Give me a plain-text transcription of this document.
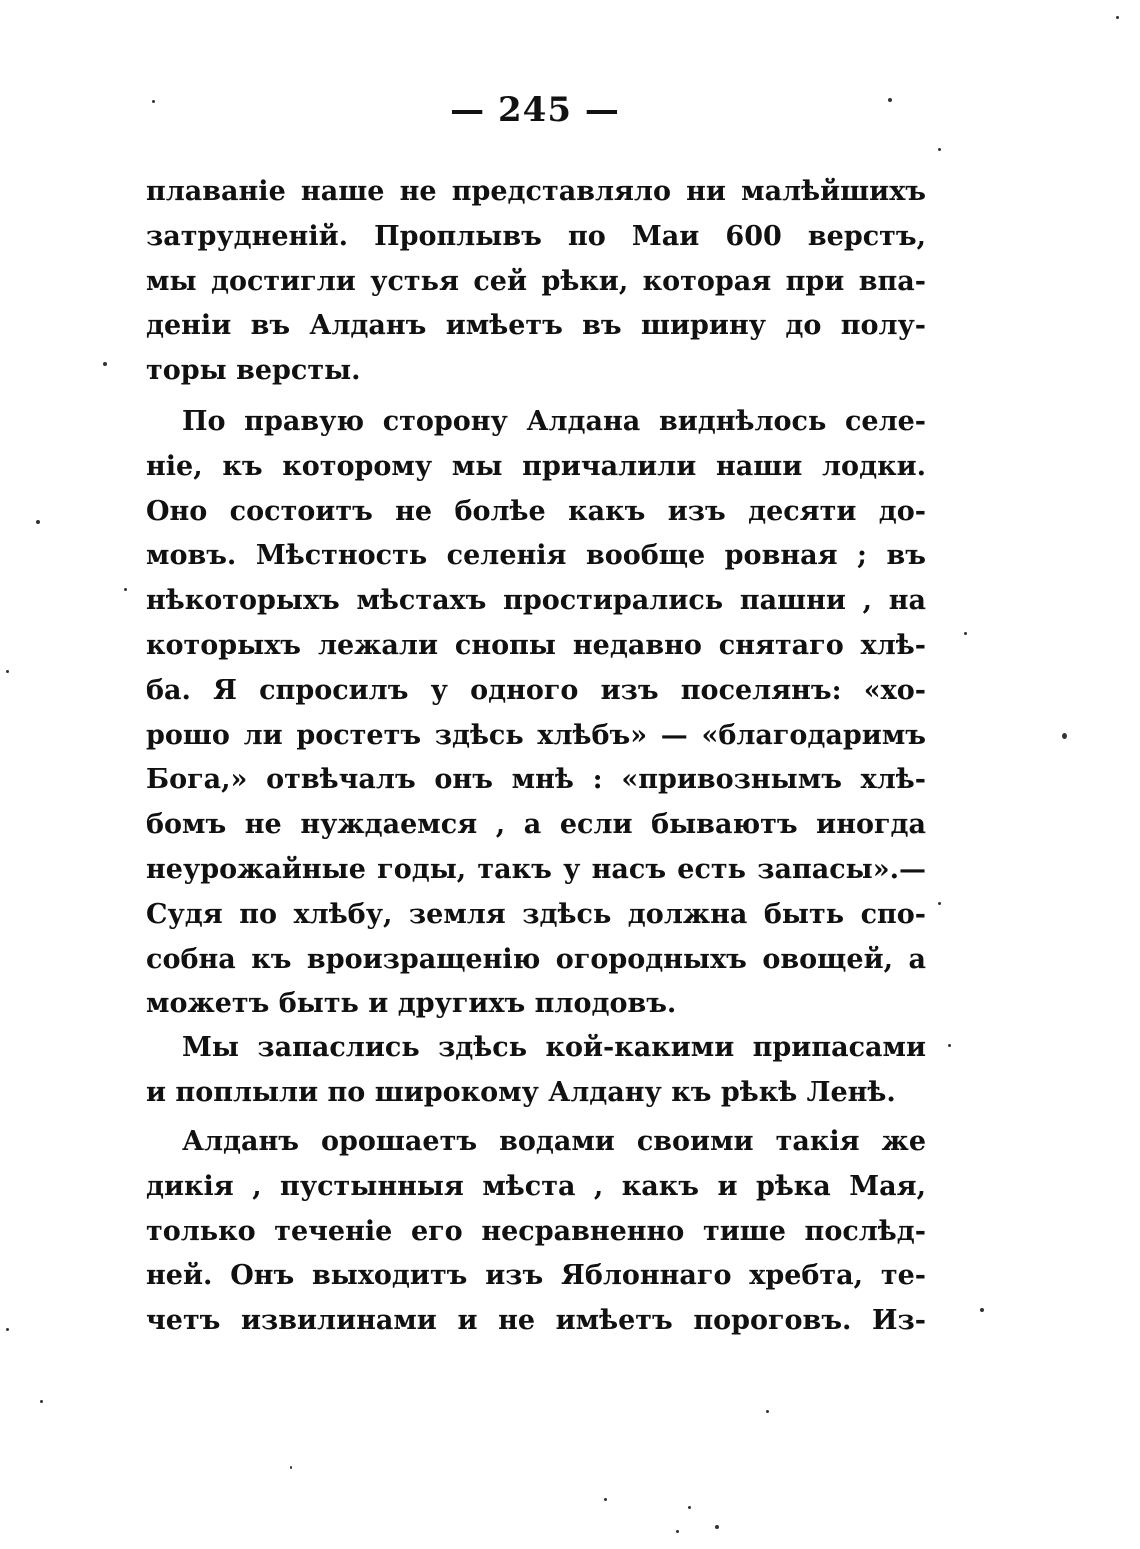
— 245 —
плаваніе наше не представляло ни малѣйшихъ
затрудненій. Проплывъ по Маи 600 верстъ,
мы достигли устья сей рѣки, которая при впа-
деніи въ Алданъ имѣетъ въ ширину до полу-
торы версты.
По правую сторону Алдана виднѣлось селе-
ніе, къ которому мы причалили наши лодки.
Оно состоитъ не болѣе какъ изъ десяти до-
мовъ. Мѣстность селенія вообще ровная ; въ
нѣкоторыхъ мѣстахъ простирались пашни , на
которыхъ лежали снопы недавно снятаго хлѣ-
ба. Я спросилъ у одного изъ поселянъ: «хо-
рошо ли ростетъ здѣсь хлѣбъ» — «благодаримъ
Бога,» отвѣчалъ онъ мнѣ : «привознымъ хлѣ-
бомъ не нуждаемся , а если бываютъ иногда
неурожайные годы, такъ у насъ есть запасы».—
Судя по хлѣбу, земля здѣсь должна быть спо-
собна къ вроизращенію огородныхъ овощей, а
можетъ быть и другихъ плодовъ.
Мы запаслись здѣсь кой-какими припасами
и поплыли по широкому Алдану къ рѣкѣ Ленѣ.
Алданъ орошаетъ водами своими такія же
дикія , пустынныя мѣста , какъ и рѣка Мая,
только теченіе его несравненно тише послѣд-
ней. Онъ выходитъ изъ Яблоннаго хребта, те-
четъ извилинами и не имѣетъ пороговъ. Из-
